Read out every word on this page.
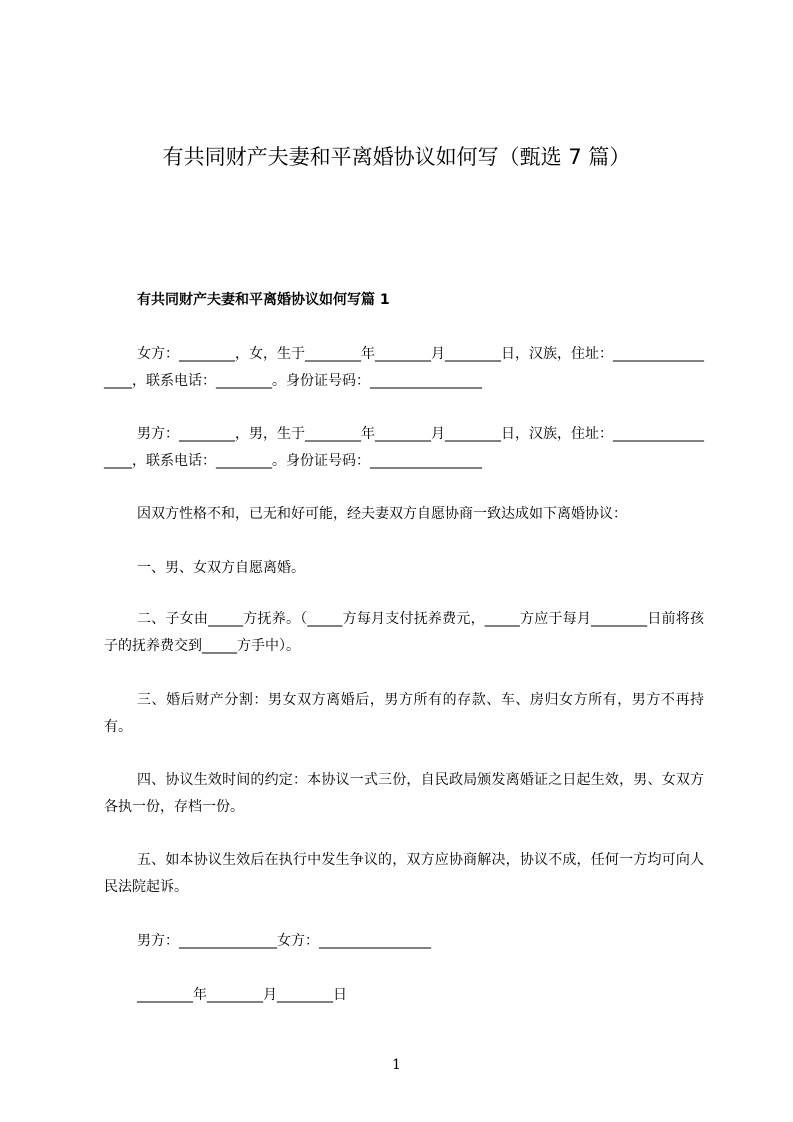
有共同财产夫妻和平离婚协议如何写（甄选 7 篇）
有共同财产夫妻和平离婚协议如何写篇 1
女方：________，女，生于________年________月________日，汉族，住址：_________________，联系电话：________。身份证号码：________________
男方：________，男，生于________年________月________日，汉族，住址：_________________，联系电话：________。身份证号码：________________
因双方性格不和，已无和好可能，经夫妻双方自愿协商一致达成如下离婚协议：
一、男、女双方自愿离婚。
二、子女由_____方抚养。（_____方每月支付抚养费元，_____方应于每月________日前将孩子的抚养费交到_____方手中）。
三、婚后财产分割：男女双方离婚后，男方所有的存款、车、房归女方所有，男方不再持有。
四、协议生效时间的约定：本协议一式三份，自民政局颁发离婚证之日起生效，男、女双方各执一份，存档一份。
五、如本协议生效后在执行中发生争议的，双方应协商解决，协议不成，任何一方均可向人民法院起诉。
男方：______________女方：________________
________年________月________日
1
